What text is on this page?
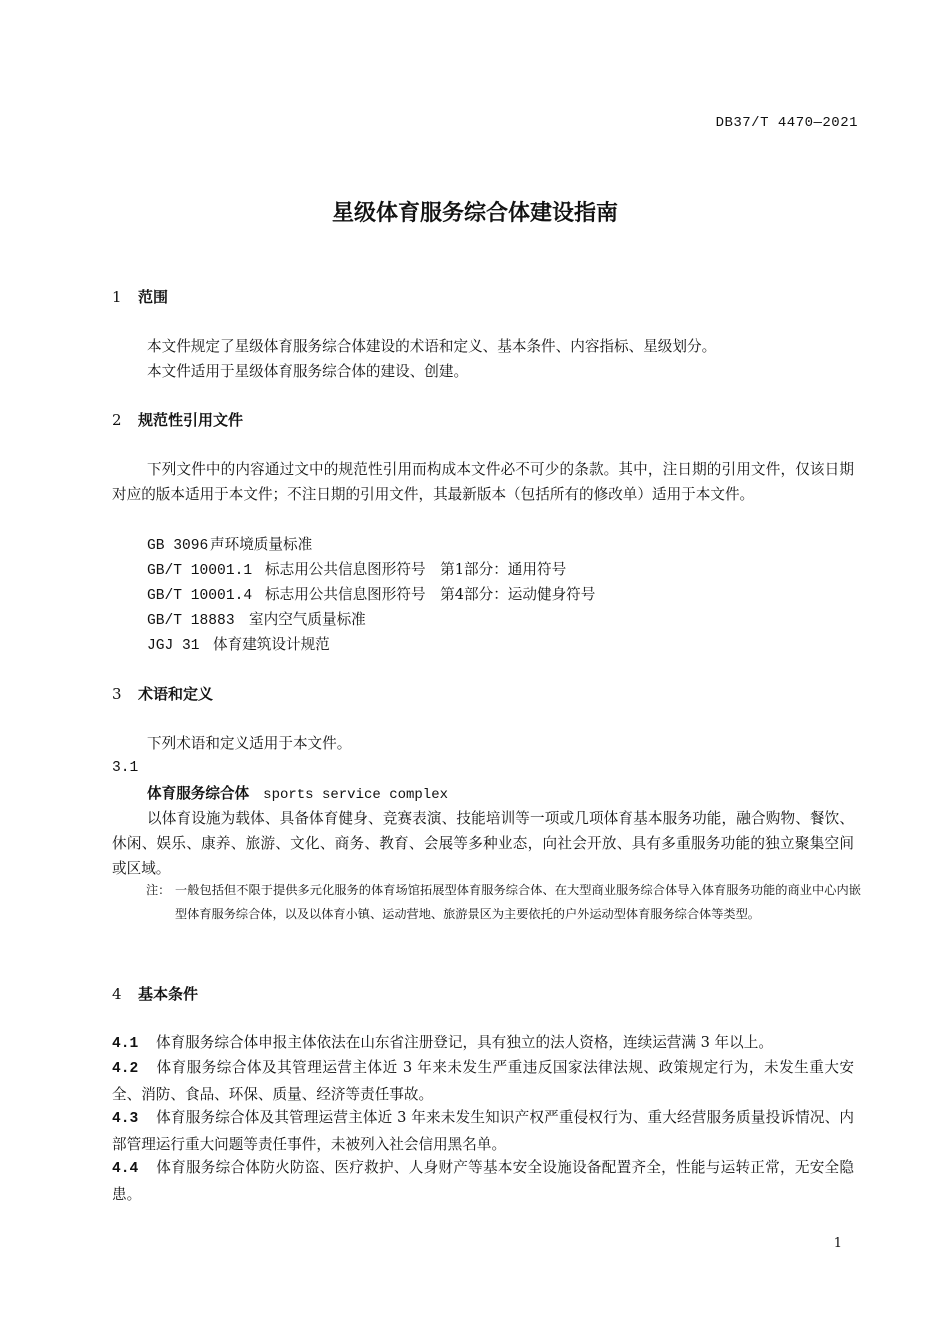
DB37/T 4470—2021
星级体育服务综合体建设指南
1 范围
本文件规定了星级体育服务综合体建设的术语和定义、基本条件、内容指标、星级划分。
本文件适用于星级体育服务综合体的建设、创建。
2 规范性引用文件
下列文件中的内容通过文中的规范性引用而构成本文件必不可少的条款。其中，注日期的引用文件，仅该日期对应的版本适用于本文件；不注日期的引用文件，其最新版本（包括所有的修改单）适用于本文件。
GB 3096 声环境质量标准
GB/T 10001.1 标志用公共信息图形符号　第1部分：通用符号
GB/T 10001.4 标志用公共信息图形符号　第4部分：运动健身符号
GB/T 18883 室内空气质量标准
JGJ 31 体育建筑设计规范
3 术语和定义
下列术语和定义适用于本文件。
3.1
体育服务综合体 sports service complex
以体育设施为载体、具备体育健身、竞赛表演、技能培训等一项或几项体育基本服务功能，融合购物、餐饮、休闲、娱乐、康养、旅游、文化、商务、教育、会展等多种业态，向社会开放、具有多重服务功能的独立聚集空间或区域。
注： 一般包括但不限于提供多元化服务的体育场馆拓展型体育服务综合体、在大型商业服务综合体导入体育服务功能的商业中心内嵌型体育服务综合体，以及以体育小镇、运动营地、旅游景区为主要依托的户外运动型体育服务综合体等类型。
4 基本条件
4.1 体育服务综合体申报主体依法在山东省注册登记，具有独立的法人资格，连续运营满 3 年以上。
4.2 体育服务综合体及其管理运营主体近 3 年来未发生严重违反国家法律法规、政策规定行为，未发生重大安全、消防、食品、环保、质量、经济等责任事故。
4.3 体育服务综合体及其管理运营主体近 3 年来未发生知识产权严重侵权行为、重大经营服务质量投诉情况、内部管理运行重大问题等责任事件，未被列入社会信用黑名单。
4.4 体育服务综合体防火防盗、医疗救护、人身财产等基本安全设施设备配置齐全，性能与运转正常，无安全隐患。
1
